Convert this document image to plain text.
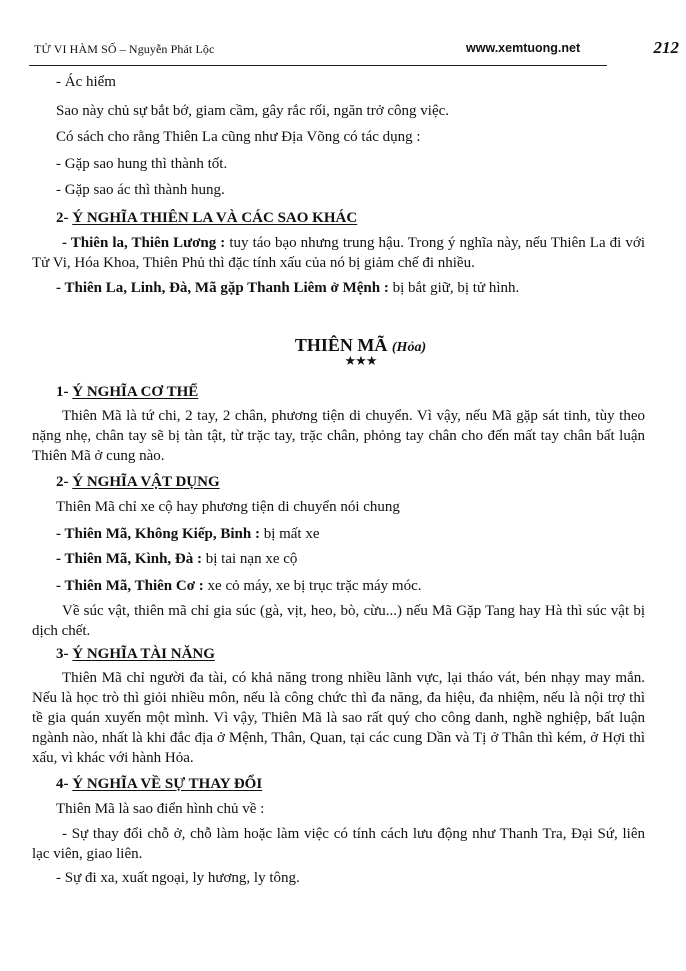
TỬ VI HÀM SỐ – Nguyễn Phát Lộc	www.xemtuong.net	212

- Ác hiểm

Sao này chủ sự bắt bớ, giam cầm, gây rắc rối, ngăn trở công việc.

Có sách cho rằng Thiên La cũng như Địa Võng có tác dụng :

- Gặp sao hung thì thành tốt.

- Gặp sao ác thì thành hung.

2- Ý NGHĨA THIÊN LA VÀ CÁC SAO KHÁC

- Thiên la, Thiên Lương : tuy táo bạo nhưng trung hậu. Trong ý nghĩa này, nếu Thiên La đi với Tử Vi, Hóa Khoa, Thiên Phủ thì đặc tính xấu của nó bị giảm chế đi nhiều.

- Thiên La, Linh, Đà, Mã gặp Thanh Liêm ở Mệnh : bị bắt giữ, bị tử hình.

THIÊN MÃ (Hỏa)
★★★

1- Ý NGHĨA CƠ THỂ

Thiên Mã là tứ chi, 2 tay, 2 chân, phương tiện di chuyển. Vì vậy, nếu Mã gặp sát tinh, tùy theo nặng nhẹ, chân tay sẽ bị tàn tật, từ trặc tay, trặc chân, phỏng tay chân cho đến mất tay chân bất luận Thiên Mã ở cung nào.

2- Ý NGHĨA VẬT DỤNG

Thiên Mã chỉ xe cộ hay phương tiện di chuyển nói chung

- Thiên Mã, Không Kiếp, Binh : bị mất xe

- Thiên Mã, Kình, Đà : bị tai nạn xe cộ

- Thiên Mã, Thiên Cơ : xe cỏ máy, xe bị trục trặc máy móc.

Về súc vật, thiên mã chỉ gia súc (gà, vịt, heo, bò, cừu...) nếu Mã Gặp Tang hay Hà thì súc vật bị dịch chết.

3- Ý NGHĨA TÀI NĂNG

Thiên Mã chỉ người đa tài, có khả năng trong nhiều lãnh vực, lại tháo vát, bén nhạy may mắn. Nếu là học trò thì giỏi nhiều môn, nếu là công chức thì đa năng, đa hiệu, đa nhiệm, nếu là nội trợ thì tề gia quán xuyến một mình. Vì vậy, Thiên Mã là sao rất quý cho công danh, nghề nghiệp, bất luận ngành nào, nhất là khi đắc địa ở Mệnh, Thân, Quan, tại các cung Dần và Tị ở Thân thì kém, ở Hợi thì xấu, vì khác với hành Hỏa.

4- Ý NGHĨA VỀ SỰ THAY ĐỔI

Thiên Mã là sao điển hình chủ về :

- Sự thay đổi chỗ ở, chỗ làm hoặc làm việc có tính cách lưu động như Thanh Tra, Đại Sứ, liên lạc viên, giao liên.

- Sự đi xa, xuất ngoại, ly hương, ly tông.
